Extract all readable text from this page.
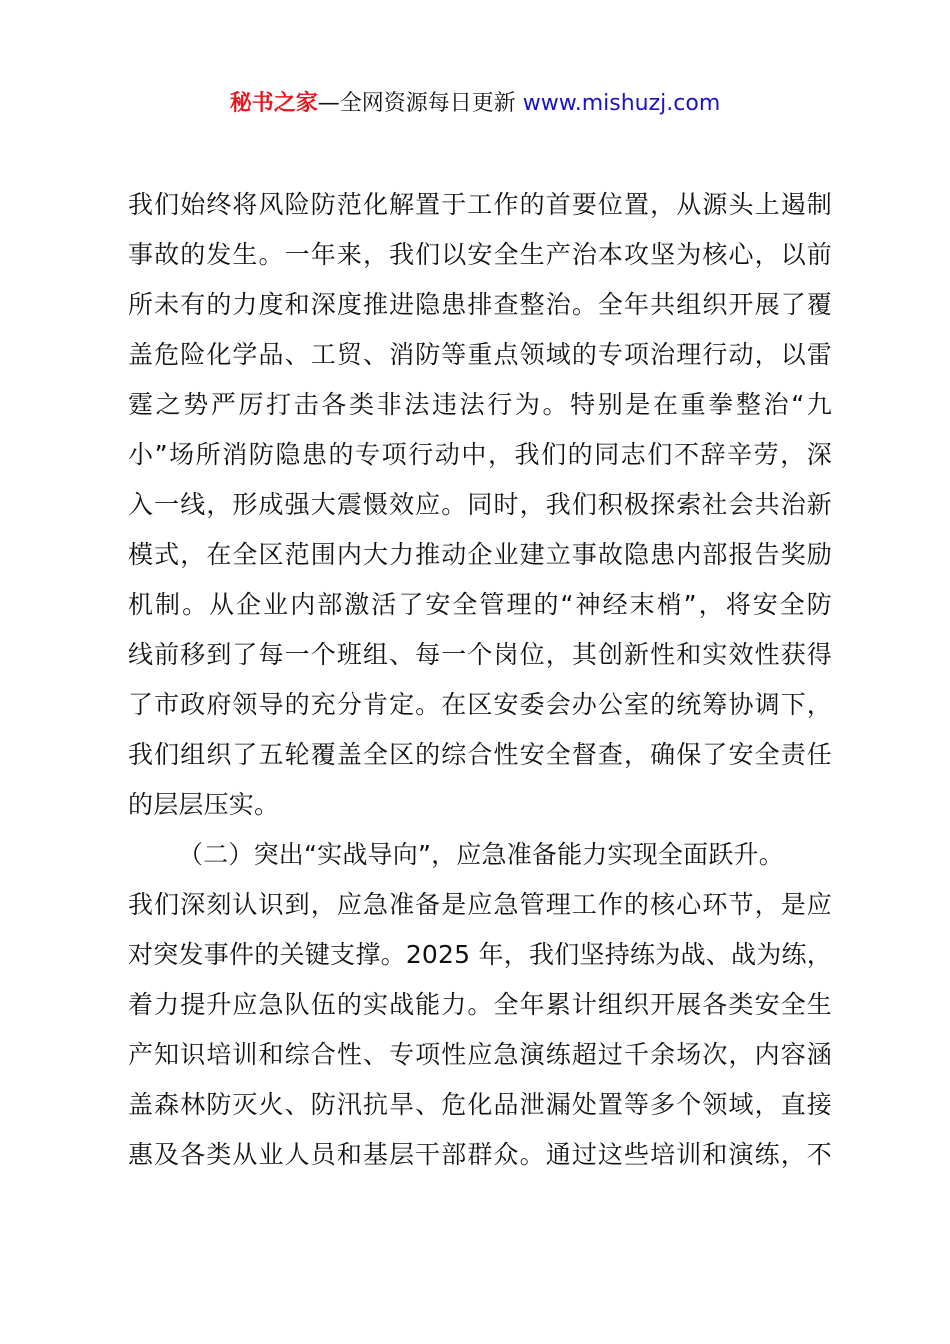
秘书之家—全网资源每日更新 www.mishuzj.com

我们始终将风险防范化解置于工作的首要位置，从源头上遏制
事故的发生。一年来，我们以安全生产治本攻坚为核心，以前
所未有的力度和深度推进隐患排查整治。全年共组织开展了覆
盖危险化学品、工贸、消防等重点领域的专项治理行动，以雷
霆之势严厉打击各类非法违法行为。特别是在重拳整治“九
小”场所消防隐患的专项行动中，我们的同志们不辞辛劳，深
入一线，形成强大震慑效应。同时，我们积极探索社会共治新
模式，在全区范围内大力推动企业建立事故隐患内部报告奖励
机制。从企业内部激活了安全管理的“神经末梢”，将安全防
线前移到了每一个班组、每一个岗位，其创新性和实效性获得
了市政府领导的充分肯定。在区安委会办公室的统筹协调下，
我们组织了五轮覆盖全区的综合性安全督查，确保了安全责任
的层层压实。

（二）突出“实战导向”，应急准备能力实现全面跃升。
我们深刻认识到，应急准备是应急管理工作的核心环节，是应
对突发事件的关键支撑。2025 年，我们坚持练为战、战为练，
着力提升应急队伍的实战能力。全年累计组织开展各类安全生
产知识培训和综合性、专项性应急演练超过千余场次，内容涵
盖森林防灭火、防汛抗旱、危化品泄漏处置等多个领域，直接
惠及各类从业人员和基层干部群众。通过这些培训和演练，不
